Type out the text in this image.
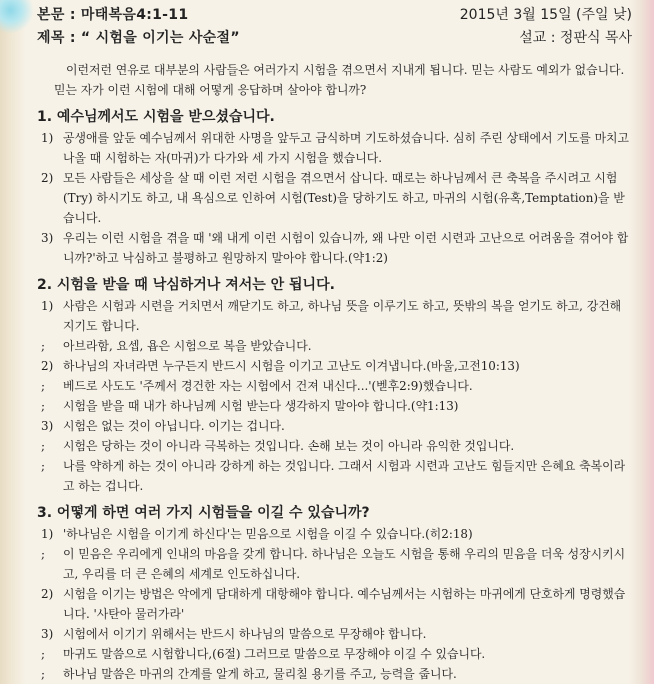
본문 : 마태복음4:1-11	2015년 3월 15일 (주일 낮)
제목 : “ 시험을 이기는 사순절”	설교 : 정판식 목사
이런저런 연유로 대부분의 사람들은 여러가지 시험을 겪으면서 지내게 됩니다. 믿는 사람도 예외가 없습니다. 믿는 자가 이런 시험에 대해 어떻게 응답하며 살아야 합니까?
1. 예수님께서도 시험을 받으셨습니다.
1) 공생애를 앞둔 예수님께서 위대한 사명을 앞두고 금식하며 기도하셨습니다. 심히 주린 상태에서 기도를 마치고 나올 때 시험하는 자(마귀)가 다가와 세 가지 시험을 했습니다.
2) 모든 사람들은 세상을 살 때 이런 저런 시험을 겪으면서 삽니다. 때로는 하나님께서 큰 축복을 주시려고 시험(Try) 하시기도 하고, 내 욕심으로 인하여 시험(Test)을 당하기도 하고, 마귀의 시험(유혹,Temptation)을 받습니다.
3) 우리는 이런 시험을 겪을 때 '왜 내게 이런 시험이 있습니까, 왜 나만 이런 시련과 고난으로 어려움을 겪어야 합니까?'하고 낙심하고 불평하고 원망하지 말아야 합니다.(약1:2)
2. 시험을 받을 때 낙심하거나 져서는 안 됩니다.
1) 사람은 시험과 시련을 거치면서 깨닫기도 하고, 하나님 뜻을 이루기도 하고, 뜻밖의 복을 얻기도 하고, 강건해지기도 합니다.
;	아브라함, 요셉, 욥은 시험으로 복을 받았습니다.
2) 하나님의 자녀라면 누구든지 반드시 시험을 이기고 고난도 이겨냅니다.(바울,고전10:13)
;	베드로 사도도 '주께서 경건한 자는 시험에서 건져 내신다...'(벧후2:9)했습니다.
;	시험을 받을 때 내가 하나님께 시험 받는다 생각하지 말아야 합니다.(약1:13)
3) 시험은 없는 것이 아닙니다. 이기는 겁니다.
;	시험은 당하는 것이 아니라 극복하는 것입니다. 손해 보는 것이 아니라 유익한 것입니다.
;	나를 약하게 하는 것이 아니라 강하게 하는 것입니다. 그래서 시험과 시련과 고난도 힘들지만 은혜요 축복이라고 하는 겁니다.
3. 어떻게 하면 여러 가지 시험들을 이길 수 있습니까?
1) '하나님은 시험을 이기게 하신다'는 믿음으로 시험을 이길 수 있습니다.(히2:18)
;	이 믿음은 우리에게 인내의 마음을 갖게 합니다. 하나님은 오늘도 시험을 통해 우리의 믿음을 더욱 성장시키시고, 우리를 더 큰 은혜의 세계로 인도하십니다.
2) 시험을 이기는 방법은 악에게 담대하게 대항해야 합니다. 예수님께서는 시험하는 마귀에게 단호하게 명령했습니다. '사탄아 물러가라'
3) 시험에서 이기기 위해서는 반드시 하나님의 말씀으로 무장해야 합니다.
;	마귀도 말씀으로 시험합니다,(6절) 그러므로 말씀으로 무장해야 이길 수 있습니다.
;	하나님 말씀은 마귀의 간계를 알게 하고, 물리칠 용기를 주고, 능력을 줍니다.
